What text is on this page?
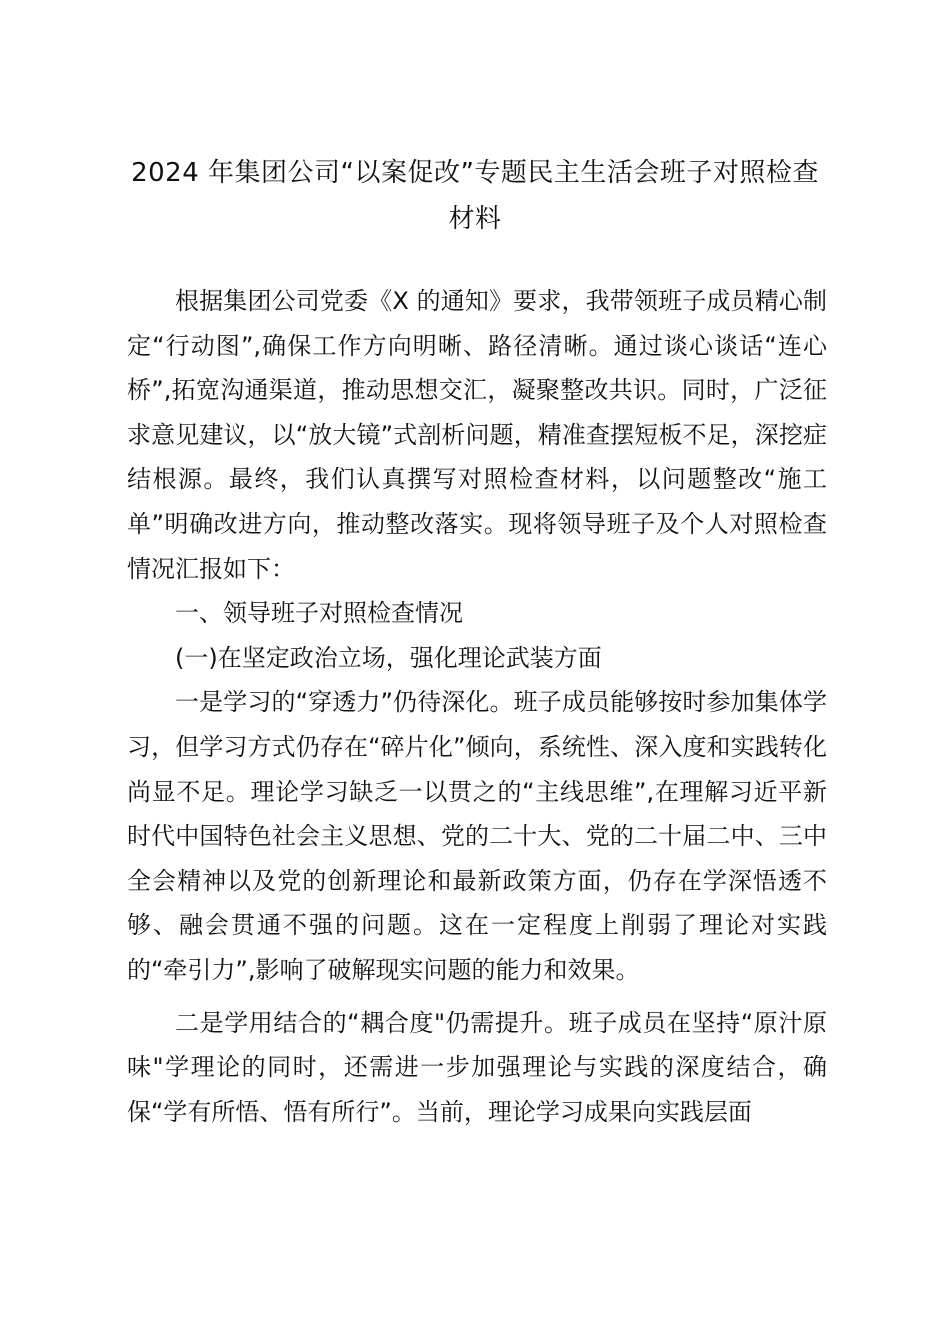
2024 年集团公司“以案促改”专题民主生活会班子对照检查材料

根据集团公司党委《X 的通知》要求，我带领班子成员精心制定“行动图”,确保工作方向明晰、路径清晰。通过谈心谈话“连心桥”,拓宽沟通渠道，推动思想交汇，凝聚整改共识。同时，广泛征求意见建议，以“放大镜”式剖析问题，精准查摆短板不足，深挖症结根源。最终，我们认真撰写对照检查材料，以问题整改“施工单”明确改进方向，推动整改落实。现将领导班子及个人对照检查情况汇报如下：

一、领导班子对照检查情况

(一)在坚定政治立场，强化理论武装方面

一是学习的“穿透力”仍待深化。班子成员能够按时参加集体学习，但学习方式仍存在“碎片化”倾向，系统性、深入度和实践转化尚显不足。理论学习缺乏一以贯之的“主线思维”,在理解习近平新时代中国特色社会主义思想、党的二十大、党的二十届二中、三中全会精神以及党的创新理论和最新政策方面，仍存在学深悟透不够、融会贯通不强的问题。这在一定程度上削弱了理论对实践的“牵引力”,影响了破解现实问题的能力和效果。

二是学用结合的“耦合度"仍需提升。班子成员在坚持“原汁原味"学理论的同时，还需进一步加强理论与实践的深度结合，确保“学有所悟、悟有所行”。当前，理论学习成果向实践层面
